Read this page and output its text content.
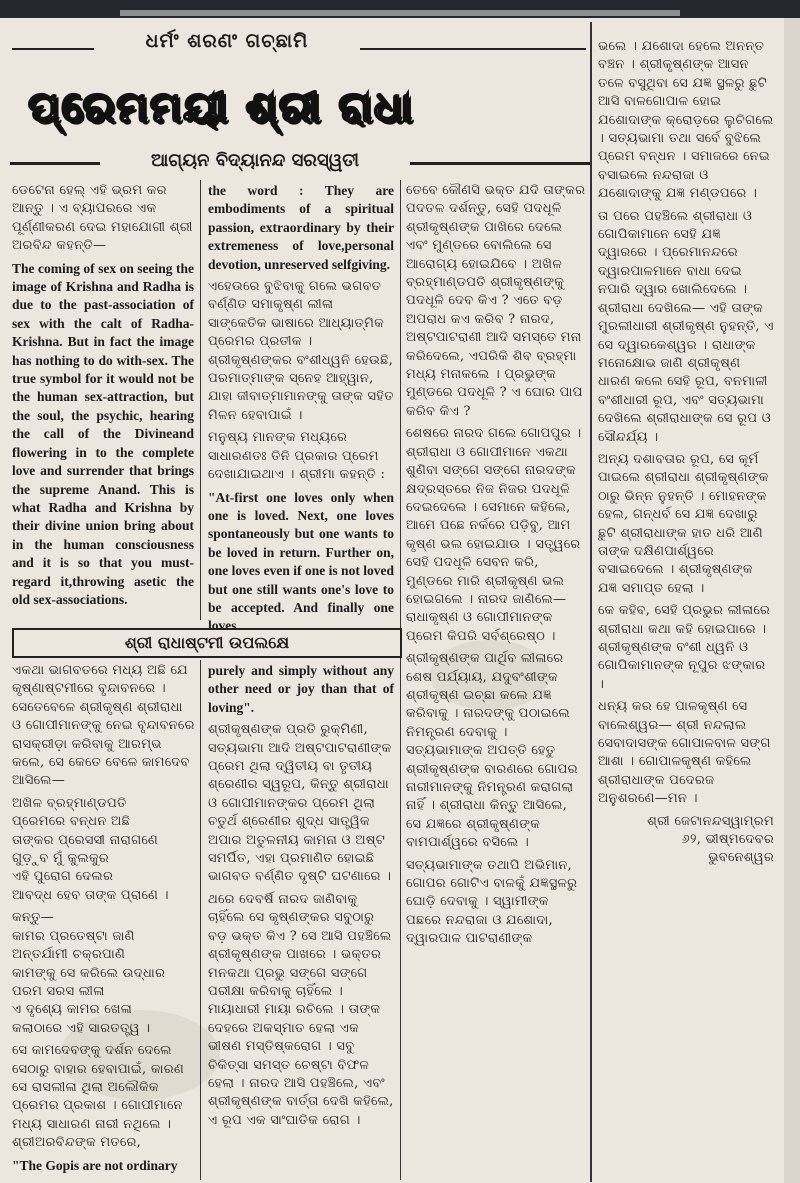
ଧର୍ମଂ ଶରଣଂ ଗଚ୍ଛାମି
ପ୍ରେମମୟୀ ଶ୍ରୀ ରାଧା
ଆଗ୍ୟନ ବିଦ୍ୟାନନ୍ଦ ସରସ୍ୱତୀ

ଡେଟେନା ହେଲ୍ ଏହି ଭ୍ରମ କର ଆନ୍ତୁ । ଏ ବ୍ୟାପରରେ ଏକ ପୂର୍ଣ୍ଣୀକରଣ ଦେଇ ମହାଯୋଗୀ ଶ୍ରୀ ଅରବିନ୍ଦ କହନ୍ତି—

The coming of sex on seeing the image of Krishna and Radha is due to the past-association of sex with the calt of Radha-Krishna. But in fact the image has nothing to do with-sex. The true symbol for it would not be the human sex-attraction, but the soul, the psychic, hearing the call of the Divineand flowering in to the complete love and surrender that brings the supreme Anand. This is what Radha and Krishna by their divine union bring about in the human consciousness and it is so that you must-regard it,throwing asetic the old sex-associations.

the word : They are embodiments of a spiritual passion, extraordinary by their extremeness of love,personal devotion, unreserved selfgiving.

ଏହେଉରେ ବୁଝିବାକୁ ଗଲେ ଭଗବତ ବର୍ଣ୍ଣିତ ସମାକୃଷ୍ଣ ଲୀଳା ସାଙ୍କେତିକ ଭାଷାରେ ଆଧ୍ୟାତ୍ମିକ ପ୍ରେମର ପ୍ରତୀକ । ଶ୍ରୀକୃଷ୍ଣଙ୍କର ବଂଶୀଧ୍ୱନି ହେଉଛି, ପରମାତ୍ମାଙ୍କ ସ୍ନେହ ଆହ୍ୱାନ, ଯାହା ଜୀବାତ୍ମାମାନଙ୍କୁ ତାଙ୍କ ସହିତ ମିଳନ ହେବାପାଇଁ ।

ମନୁଷ୍ୟ ମାନଙ୍କ ମଧ୍ୟରେ ସାଧାରଣତଃ ତିନି ପ୍ରକାର ପ୍ରେମ ଦେଖାଯାଇଥାଏ । ଶ୍ରୀମା କହନ୍ତି :

"At-first one loves only when one is loved. Next, one loves spontaneously but one wants to be loved in return. Further on, one loves even if one is not loved but one still wants one's love to be accepted. And finally one loves

ଶ୍ରୀ ରାଧାଷ୍ଟମୀ ଉପଲକ୍ଷେ

ଏକଥା ଭାଗବତରେ ମଧ୍ୟ ଅଛି ଯେ କୃଷ୍ଣାଷ୍ଟମୀରେ ବୃନ୍ଦାବନରେ । ସେତେବେଳେ ଶ୍ରୀକୃଷ୍ଣ ଶ୍ରୀରାଧା ଓ ଗୋପୀମାନଙ୍କୁ ନେଇ ବୃନ୍ଦାବନରେ ରାସକ୍ରୀଡ଼ା କରିବାକୁ ଆରମ୍ଭ କଲେ, ସେ କେତେ ବେଳେ କାମଦେବ ଆସିଲେ—

ଅଖିଳ ବ୍ରହ୍ମାଣ୍ଡପତି
ପ୍ରେମରେ ବନ୍ଧନ ଅଛି
ତାଙ୍କର ପ୍ରେସସୀ ନାରାଗଣେ
ଗୁଡ଼ୁବ ମୁଁ କୁଲକୁର
ଏହି ପୁରୋଗ ଦେଲର
ଆବଦ୍ଧ ହେବ ତାଙ୍କ ପ୍ରାଣେ ।

କନ୍ତୁ—
କାମର ପ୍ରତେଷ୍ଟା ଜାଣି
ଅନ୍ତର୍ଯାମୀ ଚକ୍ରପାଣି
କାମଙ୍କୁ ସେ କରିଲେ ଉଦ୍ଧାର
ପରମ ସରସ ଲୀଳା
ଏ ଦୃଶ୍ୟେ କାମର ଖେଳା
କଲାଠାରେ ଏହି ସାରତତ୍ତ୍ୱ ।

ସେ କାମଦେବଙ୍କୁ ଦର୍ଶନ ଦେଲେ ସେଠାରୁ ବାହାର ହେବାପାଇଁ, କାରଣ ସେ ରାସଲୀଳା ଥିଲା ଅଲୌକିକ ପ୍ରେମର ପ୍ରକାଶ । ଗୋପୀମାନେ ମଧ୍ୟ ସାଧାରଣ ନାରୀ ନଥିଲେ । ଶ୍ରୀଅରବିନ୍ଦଙ୍କ ମତରେ,

"The Gopis are not ordinary

purely and simply without any other need or joy than that of loving".

ଶ୍ରୀକୃଷ୍ଣଙ୍କ ପ୍ରତି ରୁକ୍ମିଣୀ, ସତ୍ୟଭାମା ଆଦି ଅଷ୍ଟପାଟରାଣୀଙ୍କ ପ୍ରେମ ଥିଲା ଦ୍ୱିତୀୟ ବା ତୃତୀୟ ଶ୍ରେଣୀର ସ୍ୱରୂପ, କିନ୍ତୁ ଶ୍ରୀରାଧା ଓ ଗୋପୀମାନଙ୍କର ପ୍ରେମ ଥିଲା ଚତୁର୍ଥ ଶ୍ରେଣୀର ଶୁଦ୍ଧ ସାତ୍ତ୍ୱିକ ଅପାର ଅତୁଳନୀୟ କାମନା ଓ ଅଷ୍ଟ ସମର୍ପିତ, ଏହା ପ୍ରମାଣିତ ହୋଇଛି ଭାଗବତ ବର୍ଣ୍ଣିତ ଦୃଷ୍ଟି ଘଟଣାରେ ।

ଥରେ ଦେବର୍ଷି ନାରଦ ଜାଣିବାକୁ ଚାହିଁଲେ ସେ କୃଷ୍ଣଙ୍କର ସବୁଠାରୁ ବଡ଼ ଭକ୍ତ କିଏ ? ସେ ଆସି ପହଞ୍ଚିଲେ ଶ୍ରୀକୃଷ୍ଣଙ୍କ ପାଖରେ । ଭକ୍ତର ମନକଥା ପ୍ରଭୁ ସଙ୍ଗେ ସଙ୍ଗେ ପରୀକ୍ଷା କରିବାକୁ ଚାହିଁଲେ । ମାୟାଧାରୀ ମାୟା ରଚିଲେ । ତାଙ୍କ ଦେହରେ ଅକସ୍ମାତ ହେଲା ଏକ ଭୀଷଣ ମସ୍ତିଷ୍କରୋଗ । ସବୁ ଚିକିତ୍ସା ସମସ୍ତ ଚେଷ୍ଟା ବିଫଳ ହେଲା । ନାରଦ ଆସି ପହଞ୍ଚିଲେ, ଏବଂ ଶ୍ରୀକୃଷ୍ଣଙ୍କ ବାର୍ତ୍ତା ଦେଖି କହିଲେ, ଏ ରୂପ ଏକ ସାଂଘାତିକ ରୋଗ ।

ତେବେ କୌଣସି ଭକ୍ତ ଯଦି ତାଙ୍କର ପଦତଳ ଦର୍ଶନ୍ତୁ, ସେହି ପଦଧୂଳି ଶ୍ରୀକୃଷ୍ଣଙ୍କ ପାଖିରେ ଦେଲେ ଏବଂ ମୁଣ୍ଡରେ ବୋଲିଲେ ସେ ଆରୋଗ୍ୟ ହୋଇଯିବେ । ଅଖିଳ ବ୍ରହ୍ମାଣ୍ଡପତି ଶ୍ରୀକୃଷ୍ଣଙ୍କୁ ପଦଧୂଳି ଦେବ କିଏ ? ଏତେ ବଡ଼ ଅପରାଧ କଏ କରିବ ? ନାରଦ, ଅଷ୍ଟପାଟରାଣୀ ଆଦି ସମସ୍ତେ ମନା କରିଦେଲେ, ଏପରିକି ଶିବ ବ୍ରହ୍ମା ମଧ୍ୟ ମନାକଲେ । ପ୍ରଭୁଙ୍କ ମୁଣ୍ଡରେ ପଦଧୂଳି ? ଏ ଘୋର ପାପ କରିବ କିଏ ?

ଶେଷରେ ନାରଦ ଗଲେ ଗୋପପୁର । ଶ୍ରୀରାଧା ଓ ଗୋପୀମାନେ ଏକଥା ଶୁଣିବା ସଙ୍ଗେ ସଙ୍ଗେ ନାରଦଙ୍କ କ୍ଷଦ୍ରସ୍ତରେ ନିଜ ନିଜର ପଦଧୂଳି ଦେଇଦେଲେ । ସେମାନେ କହିଲେ, ଆମେ ପଛେ ନର୍କରେ ପଡ଼ିବୁ, ଆମ କୃଷ୍ଣ ଭଲ ହୋଇଯାଉ । ସତ୍ତ୍ୱରେ ସେହି ପଦଧୂଳି ସେବନ କରି, ମୁଣ୍ଡରେ ମାରି ଶ୍ରୀକୃଷ୍ଣ ଭଲ ହୋଇଗଲେ । ନାରଦ ଜାଣିଲେ— ରାଧାକୃଷ୍ଣ ଓ ଗୋପୀମାନଙ୍କ ପ୍ରେମ କିପରି ସର୍ବଶ୍ରେଷ୍ଠ ।

ଶ୍ରୀକୃଷ୍ଣଙ୍କ ପାର୍ଥିବ ଲୀଳାରେ ଶେଷ ପର୍ଯ୍ୟାୟ, ଯଦୁବଂଶୀଙ୍କ ଶ୍ରୀକୃଷ୍ଣ ଇଚ୍ଛା କଲେ ଯଜ୍ଞ କରିବାକୁ । ନାରଦଙ୍କୁ ପଠାଇଲେ ନିମନ୍ତ୍ରଣ ଦେବାକୁ । ସତ୍ୟଭାମାଙ୍କ ଅପତ୍ତି ହେତୁ ଶ୍ରୀକୃଷ୍ଣଙ୍କ ବାରଣରେ ଗୋପର ନାରୀମାନଙ୍କୁ ନିମନ୍ତ୍ରଣ କରାଗଲା ନାହିଁ । ଶ୍ରୀରାଧା କିନ୍ତୁ ଆସିଲେ, ସେ ଯଜ୍ଞରେ ଶ୍ରୀକୃଷ୍ଣଙ୍କ ବାମପାର୍ଶ୍ୱରେ ବସିଲେ ।

ସତ୍ୟଭାମାଙ୍କ ତଥାପି ଅଭିମାନ, ଗୋପର ଗୋଟିଏ ବାଳକୁଁ ଯଜ୍ଞସ୍ଥଳରୁ ଘୋଡ଼ି ଦେବାକୁ । ସ୍ୱାମୀଙ୍କ ପଛରେ ନନ୍ଦରାଜା ଓ ଯଶୋଦା, ଦ୍ୱାରପାଳ ପାଟରାଣୀଙ୍କ

ଭଲେ । ଯଶୋଦା ହେଲେ ଅନନ୍ତ ବଞ୍ଚନ । ଶ୍ରୀକୃଷ୍ଣଙ୍କ ଆସନ ତଳେ ବସୁଥିବା ସେ ଯଜ୍ଞ ସ୍ଥଳରୁ ଛୁଟି ଆସି ବାଳଗୋପାଳ ହୋଇ ଯଶୋଦାଙ୍କ କ୍ରୋଡ଼ରେ ଲୁଚିଗଲେ । ସତ୍ୟଭାମା ତଥା ସର୍ବେ ବୁଝିଲେ ପ୍ରେମ ବନ୍ଧନ । ସମାଜରେ ନେଇ ବସାଇଲେ ନନ୍ଦରାଜା ଓ ଯଶୋଦାଙ୍କୁ ଯଜ୍ଞ ମଣ୍ଡପରେ ।

ତା ପରେ ପହଞ୍ଚିଲେ ଶ୍ରୀରାଧା ଓ ଗୋପିକାମାନେ ସେହି ଯଜ୍ଞ ଦ୍ୱାରରେ । ପ୍ରେମାନନ୍ଦରେ ଦ୍ୱାରପାଳମାନେ ବାଧା ଦେଇ ନପାରି ଦ୍ୱାର ଖୋଲିଦେଲେ । ଶ୍ରୀରାଧା ଦେଖିଲେ— ଏହି ତାଙ୍କ ମୁରଲୀଧାରୀ ଶ୍ରୀକୃଷ୍ଣ ନୁହନ୍ତି, ଏ ସେ ଦ୍ୱାରକେଶ୍ୱର । ରାଧାଙ୍କ ମନୋକ୍ଷୋଭ ଜାଣି ଶ୍ରୀକୃଷ୍ଣ ଧାରଣ କଲେ ସେହି ରୂପ, ବନମାଳୀ ବଂଶୀଧାରୀ ରୂପ, ଏବଂ ସତ୍ୟଭାମା ଦେଖିଲେ ଶ୍ରୀରାଧାଙ୍କ ସେ ରୂପ ଓ ସୌନ୍ଦର୍ଯ୍ୟ ।

ଅନ୍ୟ ଦଶାବତାର ରୂପ, ସେ କୂର୍ମ ପାଇଲେ ଶ୍ରୀରାଧା ଶ୍ରୀକୃଷ୍ଣଙ୍କ ଠାରୁ ଭିନ୍ନ ନୁହନ୍ତି । ମୋହନଙ୍କ ହେଲ, ଗନ୍ଧର୍ବ ସେ ଯଜ୍ଞ ଦେଖାରୁ ଛୁଟି ଶ୍ରୀରାଧାଙ୍କ ହାତ ଧରି ଆଣି ତାଙ୍କ ଦକ୍ଷିଣପାର୍ଶ୍ୱରେ ବସାଇଦେଲେ । ଶ୍ରୀକୃଷ୍ଣଙ୍କ ଯଜ୍ଞ ସମାପ୍ତ ହେଲା ।

କେ କହିବ, ସେହି ପ୍ରଭୁର ଲୀଳାରେ ଶ୍ରୀରାଧା କଥା କହି ହୋଇପାରେ । ଶ୍ରୀକୃଷ୍ଣଙ୍କ ବଂଶୀ ଧ୍ୱନି ଓ ଗୋପିକାମାନଙ୍କ ନୂପୁର ଝଙ୍କାର ।

ଧନ୍ୟ କର ହେ ପାଳକୃଷ୍ଣ ସେ ବାଲେଶ୍ୱର— ଶ୍ରୀ ନନ୍ଦଲାଲ ସେବାଦାସଙ୍କ ଗୋପାଳବାଳ ସଙ୍ଗ ଆଶା । ଗୋପାଳକୃଷ୍ଣ କହିଲେ ଶ୍ରୀରାଧାଙ୍କ ପଦେରଜ ଅନୁଶରଣେ—ମନ ।

ଶ୍ରୀ ଜେଟାନନ୍ଦସ୍ୱାମ୍ରମ
୬୨, ଭୀଷ୍ମଦେବର
ଭୁବନେଶ୍ୱର
